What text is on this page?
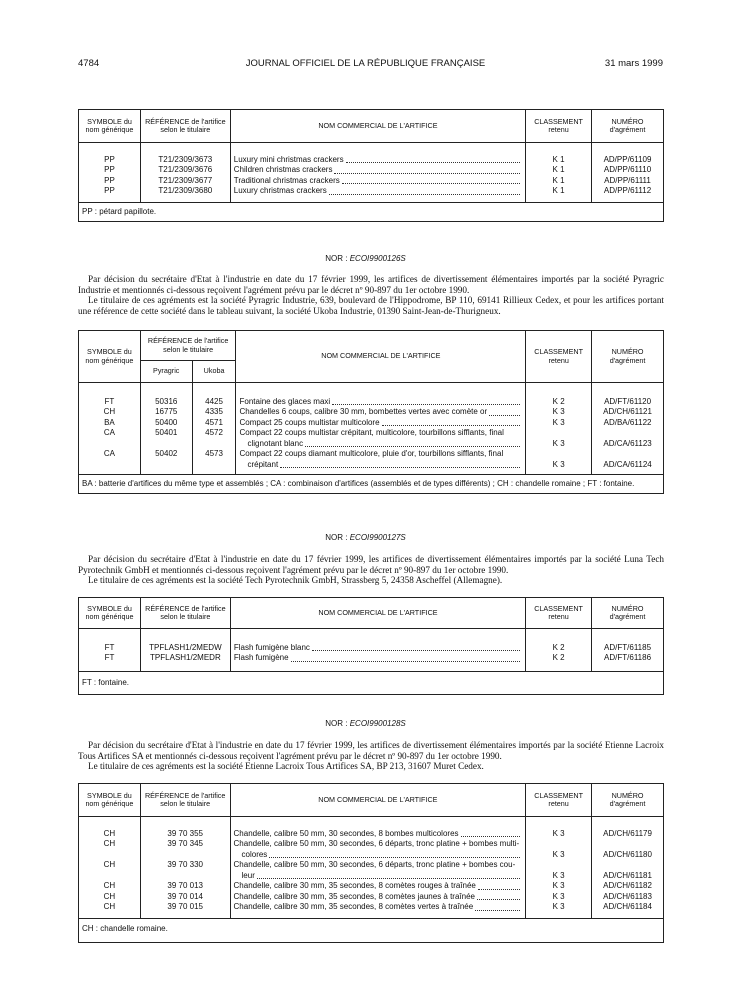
4784	JOURNAL OFFICIEL DE LA RÉPUBLIQUE FRANÇAISE	31 mars 1999
SYMBOLE du nom générique	RÉFÉRENCE de l'artifice selon le titulaire	NOM COMMERCIAL DE L'ARTIFICE	CLASSEMENT retenu	NUMÉRO d'agrément

PP	T21/2309/3673	Luxury mini christmas crackers	K 1	AD/PP/61109
PP	T21/2309/3676	Children christmas crackers	K 1	AD/PP/61110
PP	T21/2309/3677	Traditional christmas crackers	K 1	AD/PP/61111
PP	T21/2309/3680	Luxury christmas crackers	K 1	AD/PP/61112

PP : pétard papillote.				
NOR : ECOI9900126S

Par décision du secrétaire d'Etat à l'industrie en date du 17 février 1999, les artifices de divertissement élémentaires importés par la société Pyragric Industrie et mentionnés ci-dessous reçoivent l'agrément prévu par le décret nº 90-897 du 1er octobre 1990.

Le titulaire de ces agréments est la société Pyragric Industrie, 639, boulevard de l'Hippodrome, BP 110, 69141 Rillieux Cedex, et pour les artifices portant une référence de cette société dans le tableau suivant, la société Ukoba Industrie, 01390 Saint-Jean-de-Thurigneux.

SYMBOLE du nom générique	RÉFÉRENCE de l'artifice selon le titulaire		NOM COMMERCIAL DE L'ARTIFICE	CLASSEMENT retenu	NUMÉRO d'agrément
	Pyragric	Ukoba			

FT	50316	4425	Fontaine des glaces maxi	K 2	AD/FT/61120
CH	16775	4335	Chandelles 6 coups, calibre 30 mm, bombettes vertes avec comète or	K 3	AD/CH/61121
BA	50400	4571	Compact 25 coups multistar multicolore	K 3	AD/BA/61122
CA	50401	4572	Compact 22 coups multistar crépitant, multicolore, tourbillons sifflants, final
clignotant blanc	K 3	AD/CA/61123
CA	50402	4573	Compact 22 coups diamant multicolore, pluie d'or, tourbillons sifflants, final
crépitant	K 3	AD/CA/61124

BA : batterie d'artifices du même type et assemblés ; CA : combinaison d'artifices (assemblés et de types différents) ; CH : chandelle romaine ; FT : fontaine.					
NOR : ECOI9900127S

Par décision du secrétaire d'Etat à l'industrie en date du 17 février 1999, les artifices de divertissement élémentaires importés par la société Luna Tech Pyrotechnik GmbH et mentionnés ci-dessous reçoivent l'agrément prévu par le décret nº 90-897 du 1er octobre 1990.

Le titulaire de ces agréments est la société Tech Pyrotechnik GmbH, Strassberg 5, 24358 Ascheffel (Allemagne).

SYMBOLE du nom générique	RÉFÉRENCE de l'artifice selon le titulaire	NOM COMMERCIAL DE L'ARTIFICE	CLASSEMENT retenu	NUMÉRO d'agrément

FT	TPFLASH1/2MEDW	Flash fumigène blanc	K 2	AD/FT/61185
FT	TPFLASH1/2MEDR	Flash fumigène	K 2	AD/FT/61186

FT : fontaine.				
NOR : ECOI9900128S

Par décision du secrétaire d'Etat à l'industrie en date du 17 février 1999, les artifices de divertissement élémentaires importés par la société Etienne Lacroix Tous Artifices SA et mentionnés ci-dessous reçoivent l'agrément prévu par le décret nº 90-897 du 1er octobre 1990.

Le titulaire de ces agréments est la société Etienne Lacroix Tous Artifices SA, BP 213, 31607 Muret Cedex.

SYMBOLE du nom générique	RÉFÉRENCE de l'artifice selon le titulaire	NOM COMMERCIAL DE L'ARTIFICE	CLASSEMENT retenu	NUMÉRO d'agrément

CH	39 70 355	Chandelle, calibre 50 mm, 30 secondes, 8 bombes multicolores	K 3	AD/CH/61179
CH	39 70 345	Chandelle, calibre 50 mm, 30 secondes, 6 départs, tronc platine + bombes multi-
colores	K 3	AD/CH/61180
CH	39 70 330	Chandelle, calibre 50 mm, 30 secondes, 6 départs, tronc platine + bombes cou-
leur	K 3	AD/CH/61181
CH	39 70 013	Chandelle, calibre 30 mm, 35 secondes, 8 comètes rouges à traînée	K 3	AD/CH/61182
CH	39 70 014	Chandelle, calibre 30 mm, 35 secondes, 8 comètes jaunes à traînée	K 3	AD/CH/61183
CH	39 70 015	Chandelle, calibre 30 mm, 35 secondes, 8 comètes vertes à traînée	K 3	AD/CH/61184

CH : chandelle romaine.				
